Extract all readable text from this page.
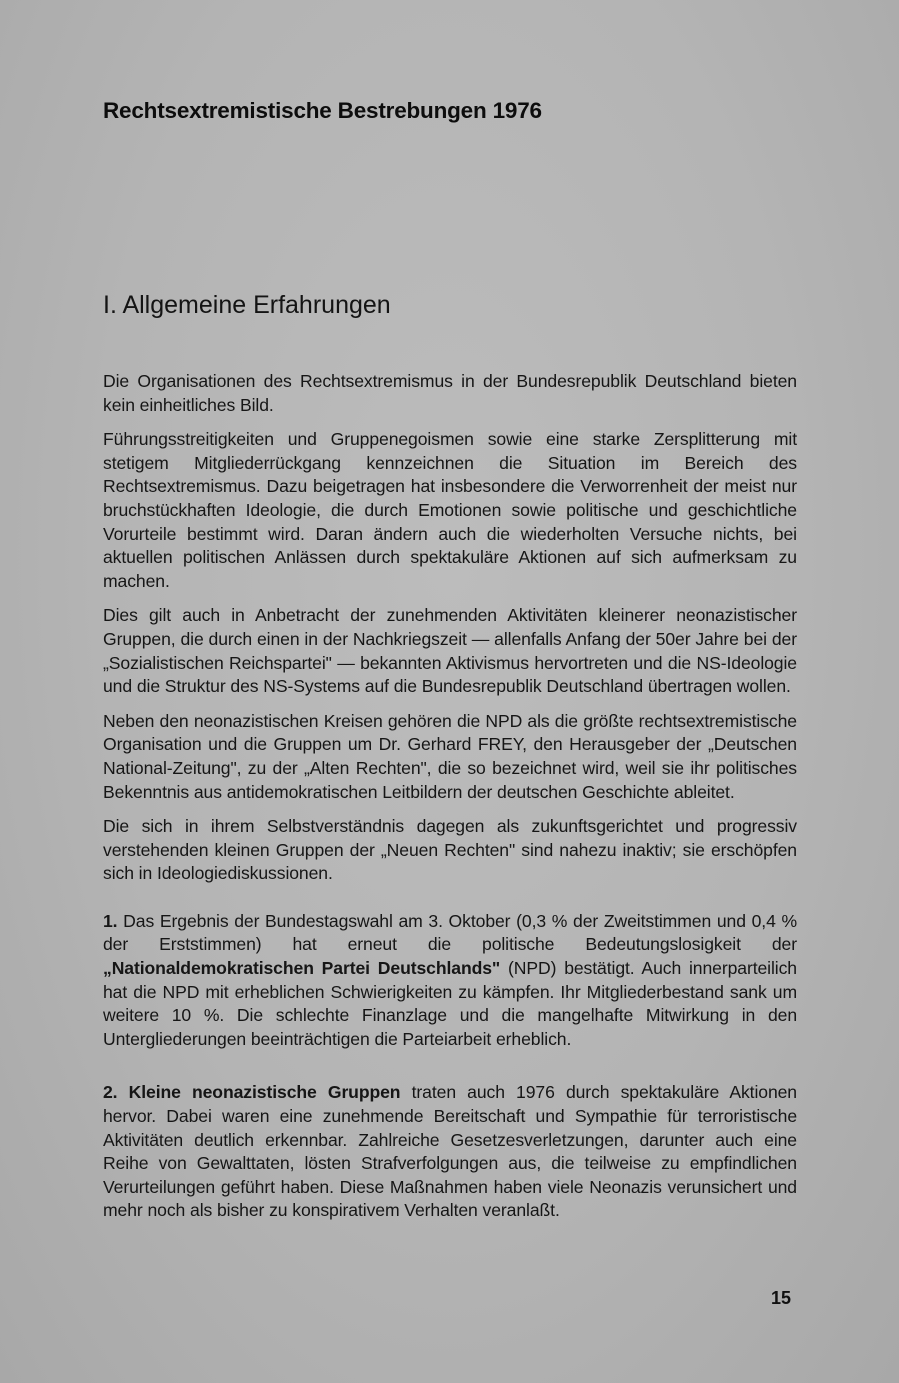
Rechtsextremistische Bestrebungen 1976
I. Allgemeine Erfahrungen

Die Organisationen des Rechtsextremismus in der Bundesrepublik Deutschland bieten kein einheitliches Bild.

Führungsstreitigkeiten und Gruppenegoismen sowie eine starke Zersplitterung mit stetigem Mitgliederrückgang kennzeichnen die Situation im Bereich des Rechtsextremismus. Dazu beigetragen hat insbesondere die Verworrenheit der meist nur bruchstückhaften Ideologie, die durch Emotionen sowie politische und geschichtliche Vorurteile bestimmt wird. Daran ändern auch die wiederholten Versuche nichts, bei aktuellen politischen Anlässen durch spektakuläre Aktionen auf sich aufmerksam zu machen.

Dies gilt auch in Anbetracht der zunehmenden Aktivitäten kleinerer neonazistischer Gruppen, die durch einen in der Nachkriegszeit — allenfalls Anfang der 50er Jahre bei der „Sozialistischen Reichspartei" — bekannten Aktivismus hervortreten und die NS-Ideologie und die Struktur des NS-Systems auf die Bundesrepublik Deutschland übertragen wollen.

Neben den neonazistischen Kreisen gehören die NPD als die größte rechtsextremistische Organisation und die Gruppen um Dr. Gerhard FREY, den Herausgeber der „Deutschen National-Zeitung", zu der „Alten Rechten", die so bezeichnet wird, weil sie ihr politisches Bekenntnis aus antidemokratischen Leitbildern der deutschen Geschichte ableitet.

Die sich in ihrem Selbstverständnis dagegen als zukunftsgerichtet und progressiv verstehenden kleinen Gruppen der „Neuen Rechten" sind nahezu inaktiv; sie erschöpfen sich in Ideologiediskussionen.

1. Das Ergebnis der Bundestagswahl am 3. Oktober (0,3 % der Zweitstimmen und 0,4 % der Erststimmen) hat erneut die politische Bedeutungslosigkeit der „Nationaldemokratischen Partei Deutschlands" (NPD) bestätigt. Auch innerparteilich hat die NPD mit erheblichen Schwierigkeiten zu kämpfen. Ihr Mitgliederbestand sank um weitere 10 %. Die schlechte Finanzlage und die mangelhafte Mitwirkung in den Untergliederungen beeinträchtigen die Parteiarbeit erheblich.

2. Kleine neonazistische Gruppen traten auch 1976 durch spektakuläre Aktionen hervor. Dabei waren eine zunehmende Bereitschaft und Sympathie für terroristische Aktivitäten deutlich erkennbar. Zahlreiche Gesetzesverletzungen, darunter auch eine Reihe von Gewalttaten, lösten Strafverfolgungen aus, die teilweise zu empfindlichen Verurteilungen geführt haben. Diese Maßnahmen haben viele Neonazis verunsichert und mehr noch als bisher zu konspirativem Verhalten veranlaßt.

15
